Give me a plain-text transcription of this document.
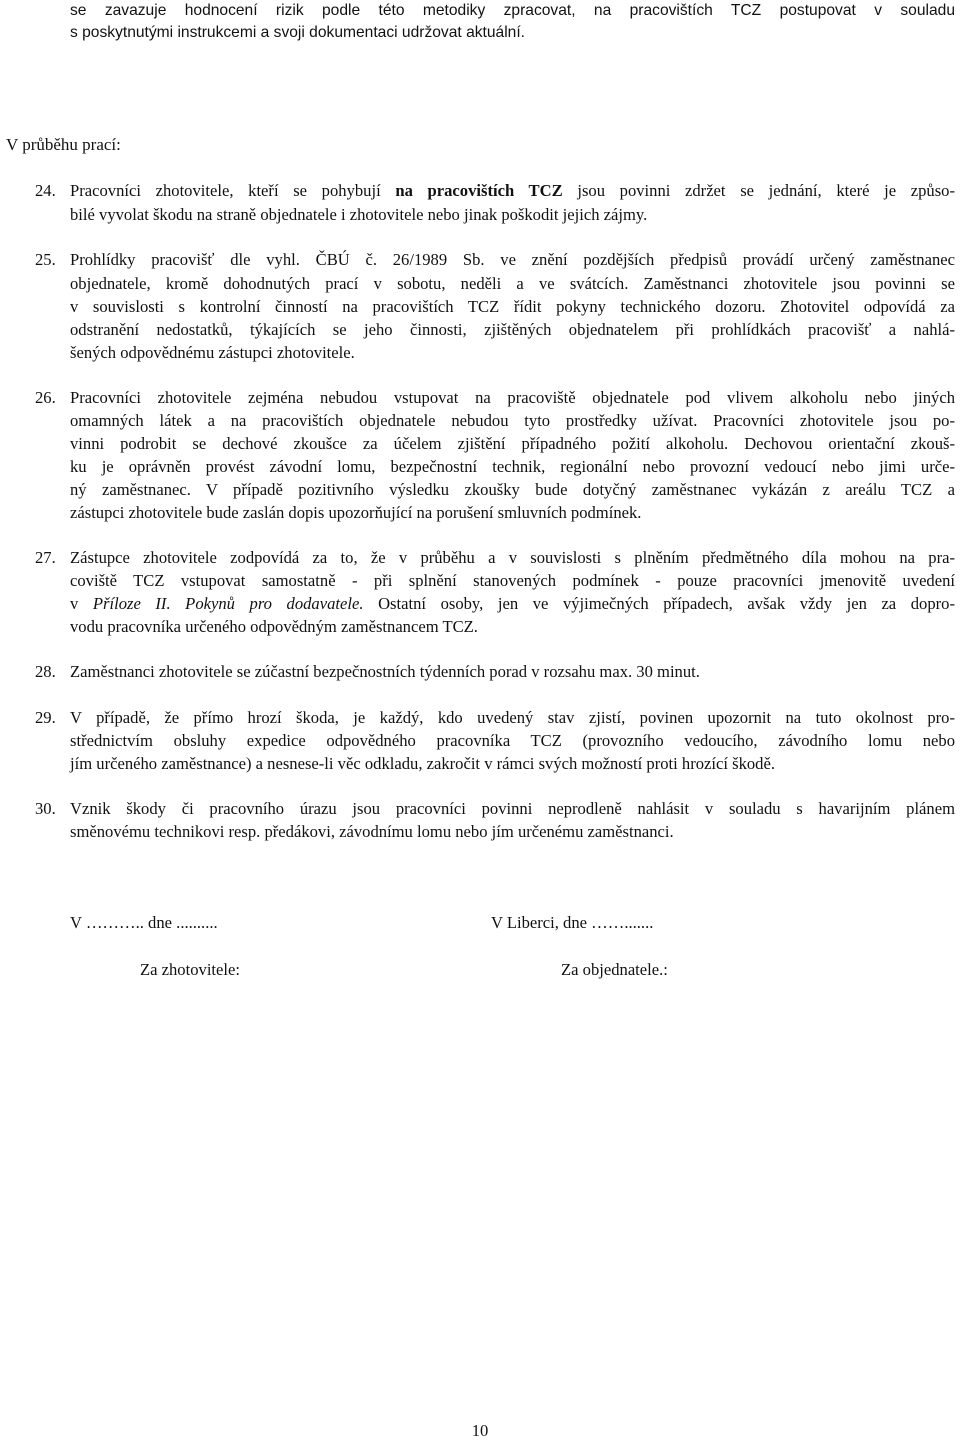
se zavazuje hodnocení rizik podle této metodiky zpracovat, na pracovištích TCZ postupovat v souladu
s poskytnutými instrukcemi a svoji dokumentaci udržovat aktuální.
V průběhu prací:
24. Pracovníci zhotovitele, kteří se pohybují na pracovištích TCZ jsou povinni zdržet se jednání, které je způso-
bilé vyvolat škodu na straně objednatele i zhotovitele nebo jinak poškodit jejich zájmy.
25. Prohlídky pracovišť dle vyhl. ČBÚ č. 26/1989 Sb. ve znění pozdějších předpisů provádí určený zaměstnanec
objednatele, kromě dohodnutých prací v sobotu, neděli a ve svátcích. Zaměstnanci zhotovitele jsou povinni se
v souvislosti s kontrolní činností na pracovištích TCZ řídit pokyny technického dozoru. Zhotovitel odpovídá za
odstranění nedostatků, týkajících se jeho činnosti, zjištěných objednatelem při prohlídkách pracovišť a nahlá-
šených odpovědnému zástupci zhotovitele.
26. Pracovníci zhotovitele zejména nebudou vstupovat na pracoviště objednatele pod vlivem alkoholu nebo jiných
omamných látek a na pracovištích objednatele nebudou tyto prostředky užívat. Pracovníci zhotovitele jsou po-
vinni podrobit se dechové zkoušce za účelem zjištění případného požití alkoholu. Dechovou orientační zkouš-
ku je oprávněn provést závodní lomu, bezpečnostní technik, regionální nebo provozní vedoucí nebo jimi urče-
ný zaměstnanec. V případě pozitivního výsledku zkoušky bude dotyčný zaměstnanec vykázán z areálu TCZ a
zástupci zhotovitele bude zaslán dopis upozorňující na porušení smluvních podmínek.
27. Zástupce zhotovitele zodpovídá za to, že v průběhu a v souvislosti s plněním předmětného díla mohou na pra-
coviště TCZ vstupovat samostatně - při splnění stanovených podmínek - pouze pracovníci jmenovitě uvedení
v Příloze II. Pokynů pro dodavatele. Ostatní osoby, jen ve výjimečných případech, avšak vždy jen za dopro-
vodu pracovníka určeného odpovědným zaměstnancem TCZ.
28. Zaměstnanci zhotovitele se zúčastní bezpečnostních týdenních porad v rozsahu max. 30 minut.
29. V případě, že přímo hrozí škoda, je každý, kdo uvedený stav zjistí, povinen upozornit na tuto okolnost pro-
střednictvím obsluhy expedice odpovědného pracovníka TCZ (provozního vedoucího, závodního lomu nebo
jím určeného zaměstnance) a nesnese-li věc odkladu, zakročit v rámci svých možností proti hrozící škodě.
30. Vznik škody či pracovního úrazu jsou pracovníci povinni neprodleně nahlásit v souladu s havarijním plánem
směnovému technikovi resp. předákovi, závodnímu lomu nebo jím určenému zaměstnanci.
V ……….. dne ..........	V Liberci, dne …….......
Za zhotovitele:	Za objednatele.:
10
